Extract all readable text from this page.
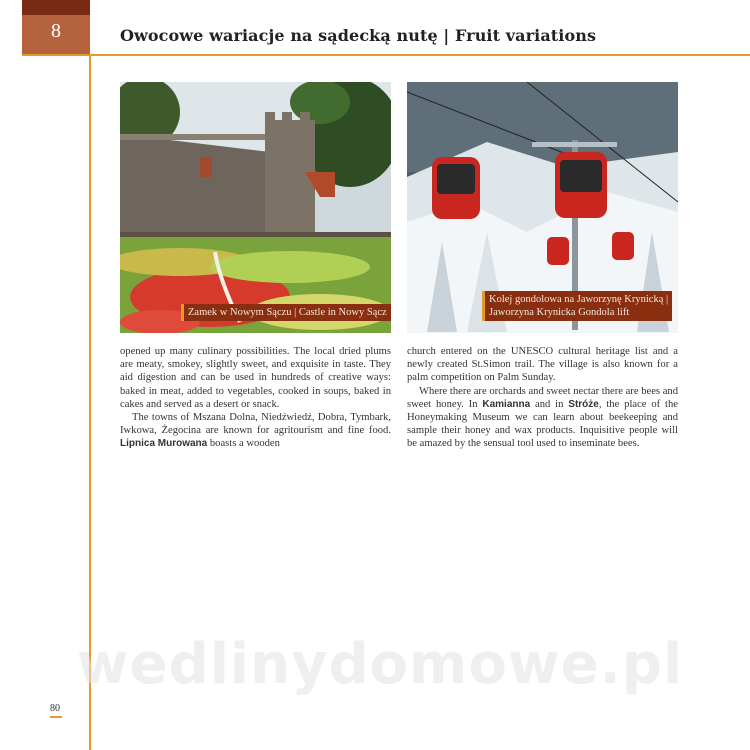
8	Owocowe wariacje na sądecką nutę | Fruit variations
Zamek w Nowym Sączu | Castle in Nowy Sącz
Kolej gondolowa na Jaworzynę Krynicką |
Jaworzyna Krynicka Gondola lift

opened up many culinary possibilities. The local dried plums are meaty, smokey, slightly sweet, and exquisite in taste. They aid digestion and can be used in hundreds of creative ways: baked in meat, added to vegetables, cooked in soups, baked in cakes and served as a desert or snack.

The towns of Mszana Dolna, Niedźwiedź, Dobra, Tymbark, Iwkowa, Żegocina are known for agritourism and fine food. Lipnica Murowana boasts a wooden

church entered on the UNESCO cultural heritage list and a newly created St.Simon trail. The village is also known for a palm competition on Palm Sunday.

Where there are orchards and sweet nectar there are bees and sweet honey. In Kamianna and in Stróże, the place of the Honeymaking Museum we can learn about beekeeping and sample their honey and wax products. Inquisitive people will be amazed by the sensual tool used to inseminate bees.

wedlinydomowe.pl
80
